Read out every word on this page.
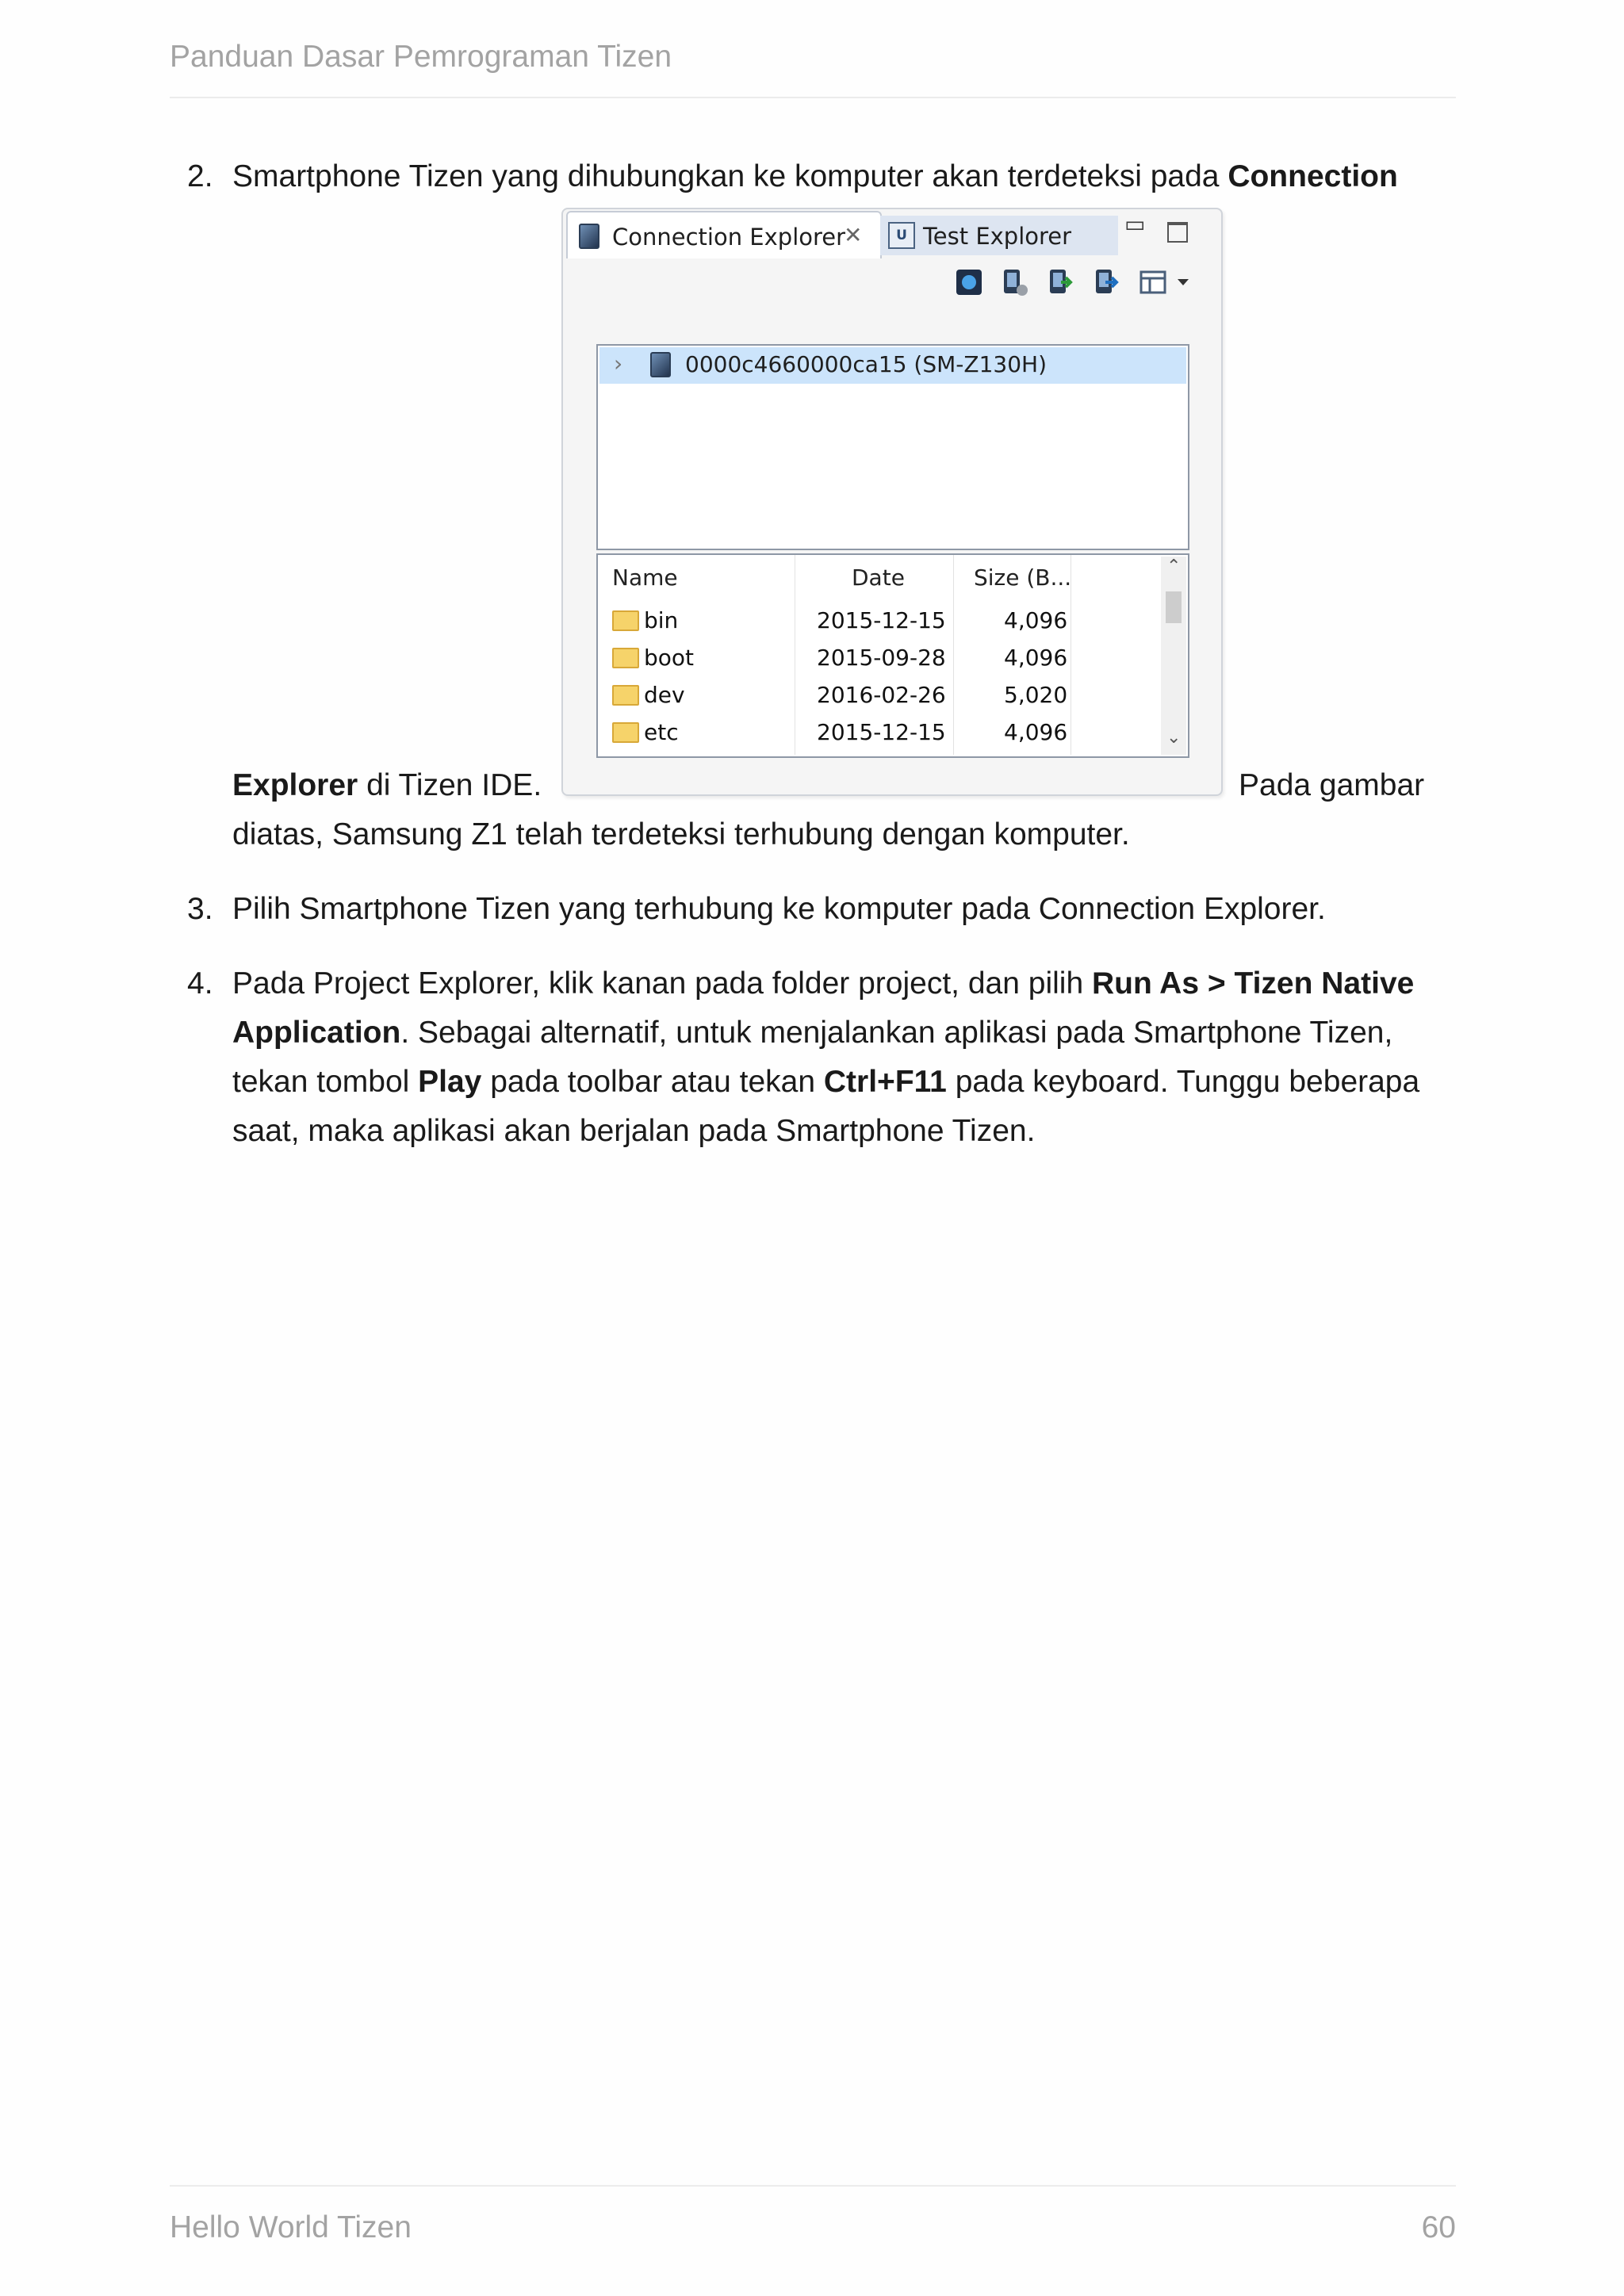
Panduan Dasar Pemrograman Tizen
2. Smartphone Tizen yang dihubungkan ke komputer akan terdeteksi pada Connection
Explorer di Tizen IDE.	Pada gambar
diatas, Samsung Z1 telah terdeteksi terhubung dengan komputer.
Connection Explorer
✕	U Test Explorer ▭
›	0000c4660000ca15 (SM-Z130H)
Name	Date	Size (B...
bin	2015-12-15	4,096
boot	2015-09-28	4,096
dev	2016-02-26	5,020
etc	2015-12-15	4,096
⌃
⌄
3. Pilih Smartphone Tizen yang terhubung ke komputer pada Connection Explorer.
4. Pada Project Explorer, klik kanan pada folder project, dan pilih Run As > Tizen Native
Application. Sebagai alternatif, untuk menjalankan aplikasi pada Smartphone Tizen,
tekan tombol Play pada toolbar atau tekan Ctrl+F11 pada keyboard. Tunggu beberapa
saat, maka aplikasi akan berjalan pada Smartphone Tizen.
Hello World Tizen	60
